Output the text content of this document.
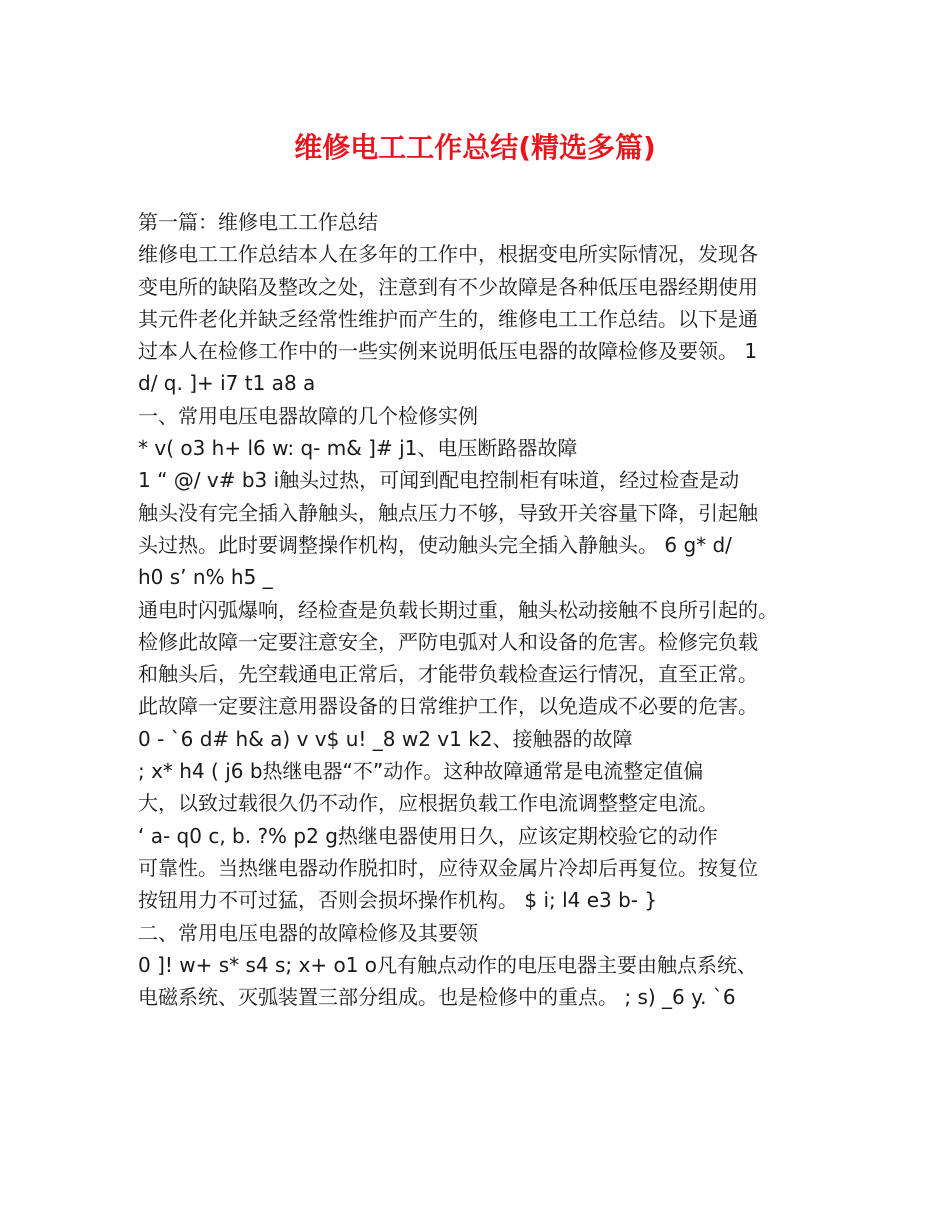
维修电工工作总结(精选多篇)

第一篇：维修电工工作总结

维修电工工作总结本人在多年的工作中，根据变电所实际情况，发现各

变电所的缺陷及整改之处，注意到有不少故障是各种低压电器经期使用

其元件老化并缺乏经常性维护而产生的，维修电工工作总结。以下是通

过本人在检修工作中的一些实例来说明低压电器的故障检修及要领。 1

d/ q. ]+ i7 t1 a8 a

一、常用电压电器故障的几个检修实例

* v( o3 h+ l6 w: q- m& ]# j1、电压断路器故障

1 “ @/ v# b3 i触头过热，可闻到配电控制柜有味道，经过检查是动

触头没有完全插入静触头，触点压力不够，导致开关容量下降，引起触

头过热。此时要调整操作机构，使动触头完全插入静触头。 6 g* d/

h0 s’ n% h5 _

通电时闪弧爆响，经检查是负载长期过重，触头松动接触不良所引起的。

检修此故障一定要注意安全，严防电弧对人和设备的危害。检修完负载

和触头后，先空载通电正常后，才能带负载检查运行情况，直至正常。

此故障一定要注意用器设备的日常维护工作，以免造成不必要的危害。

0 - `6 d# h& a) v v$ u! _8 w2 v1 k2、接触器的故障

; x* h4 ( j6 b热继电器“不”动作。这种故障通常是电流整定值偏

大，以致过载很久仍不动作，应根据负载工作电流调整整定电流。

‘ a- q0 c, b. ?% p2 g热继电器使用日久，应该定期校验它的动作

可靠性。当热继电器动作脱扣时，应待双金属片冷却后再复位。按复位

按钮用力不可过猛，否则会损坏操作机构。 $ i; l4 e3 b- }

二、常用电压电器的故障检修及其要领

0 ]! w+ s* s4 s; x+ o1 o凡有触点动作的电压电器主要由触点系统、

电磁系统、灭弧装置三部分组成。也是检修中的重点。 ; s) _6 y. `6
